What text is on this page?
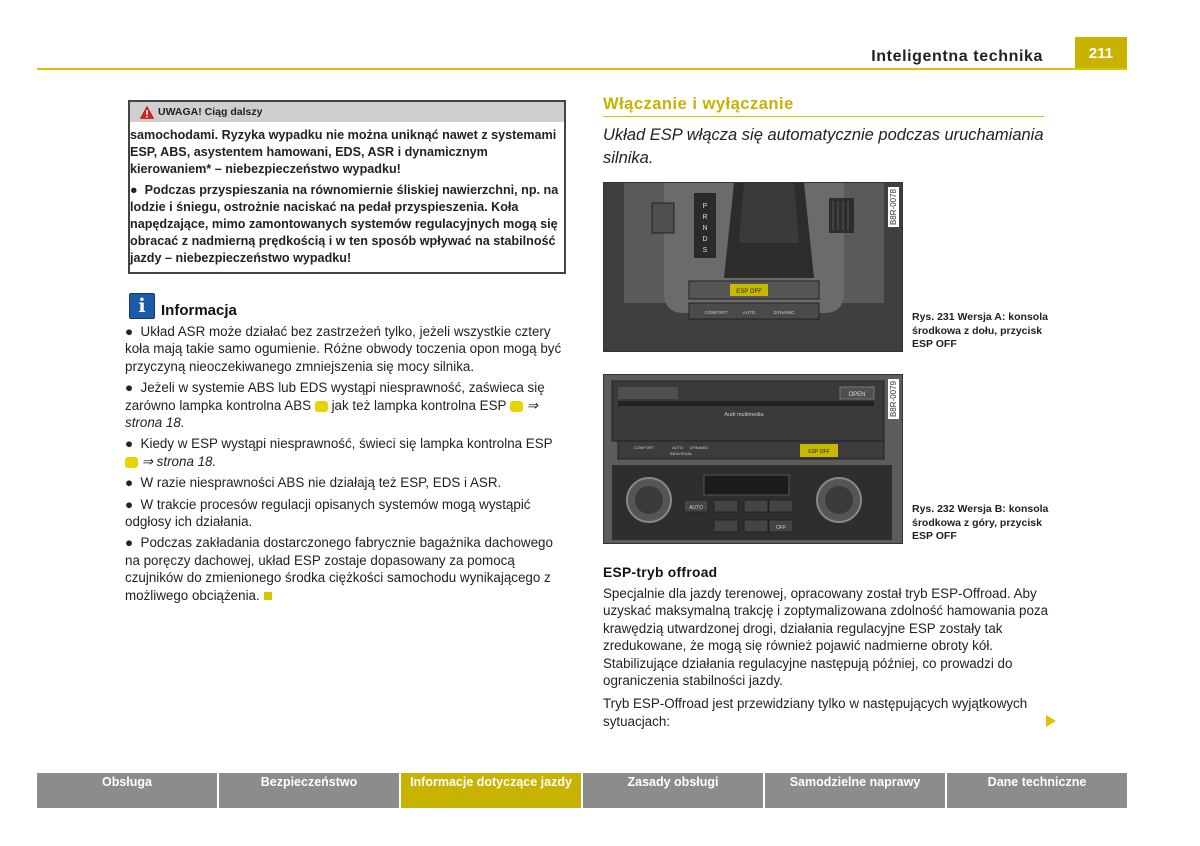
Inteligentna technika	211
UWAGA! Ciąg dalszy

samochodami. Ryzyka wypadku nie można uniknąć nawet z systemami ESP, ABS, asystentem hamowani, EDS, ASR i dynamicznym kierowaniem* – niebezpieczeństwo wypadku!

●  Podczas przyspieszania na równomiernie śliskiej nawierzchni, np. na lodzie i śniegu, ostrożnie naciskać na pedał przyspieszenia. Koła napędzające, mimo zamontowanych systemów regulacyjnych mogą się obracać z nadmierną prędkością i w ten sposób wpływać na stabilność jazdy – niebezpieczeństwo wypadku!

i	Informacja

●  Układ ASR może działać bez zastrzeżeń tylko, jeżeli wszystkie cztery koła mają takie samo ogumienie. Różne obwody toczenia opon mogą być przyczyną nieoczekiwanego zmniejszenia się mocy silnika.

●  Jeżeli w systemie ABS lub EDS wystąpi niesprawność, zaświeca się zarówno lampka kontrolna ABS jak też lampka kontrolna ESP ⇒ strona 18.

●  Kiedy w ESP wystąpi niesprawność, świeci się lampka kontrolna ESP  ⇒ strona 18.

●  W razie niesprawności ABS nie działają też ESP, EDS i ASR.

●  W trakcie procesów regulacji opisanych systemów mogą wystąpić odgłosy ich działania.

●  Podczas zakładania dostarczonego fabrycznie bagażnika dachowego na poręczy dachowej, układ ESP zostaje dopasowany za pomocą czujników do zmienionego środka ciężkości samochodu wynikającego z możliwego obciążenia.

Włączanie i wyłączanie
Układ ESP włącza się automatycznie podczas uruchamiania silnika.
P
R
N
D
S
ESP OFF
COMFORT	AUTO	DYNAMIC
B8R-0078
Rys. 231 Wersja A: konsola środkowa z dołu, przycisk ESP OFF
OPEN
Audi multimedia
COMFORT	AUTO DYNAMIC
INDIVIDUAL	ESP OFF
AUTO
OFF
B8R-0079
Rys. 232 Wersja B: konsola środkowa z góry, przycisk ESP OFF
ESP-tryb offroad

Specjalnie dla jazdy terenowej, opracowany został tryb ESP-Offroad. Aby uzyskać maksymalną trakcję i zoptymalizowana zdolność hamowania poza krawędzią utwardzonej drogi, działania regulacyjne ESP zostały tak zredukowane, że mogą się również pojawić nadmierne obroty kół. Stabilizujące działania regulacyjne następują później, co prowadzi do ograniczenia stabilności jazdy.

Tryb ESP-Offroad jest przewidziany tylko w następujących wyjątkowych sytuacjach:

Obsługa	Bezpieczeństwo	Informacje dotyczące jazdy	Zasady obsługi	Samodzielne naprawy	Dane techniczne
